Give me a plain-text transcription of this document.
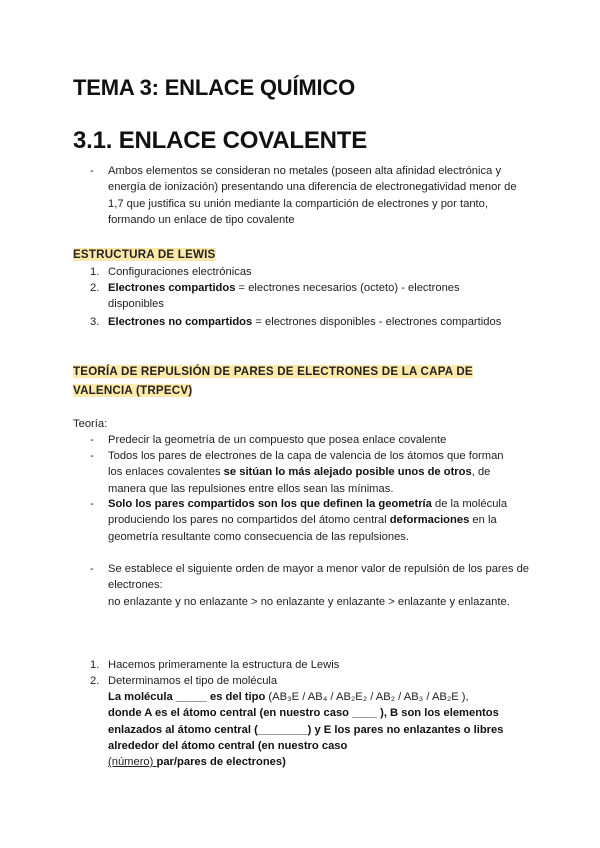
TEMA 3: ENLACE QUÍMICO
3.1. ENLACE COVALENTE
- Ambos elementos se consideran no metales (poseen alta afinidad electrónica y energía de ionización) presentando una diferencia de electronegatividad menor de 1,7 que justifica su unión mediante la compartición de electrones y por tanto, formando un enlace de tipo covalente
ESTRUCTURA DE LEWIS
1. Configuraciones electrónicas
2. Electrones compartidos = electrones necesarios (octeto) - electrones disponibles
3. Electrones no compartidos = electrones disponibles - electrones compartidos
TEORÍA DE REPULSIÓN DE PARES DE ELECTRONES DE LA CAPA DE
VALENCIA (TRPECV)
Teoría:
- Predecir la geometría de un compuesto que posea enlace covalente
- Todos los pares de electrones de la capa de valencia de los átomos que forman los enlaces covalentes se sitúan lo más alejado posible unos de otros, de manera que las repulsiones entre ellos sean las mínimas.
- Solo los pares compartidos son los que definen la geometría de la molécula produciendo los pares no compartidos del átomo central deformaciones en la geometría resultante como consecuencia de las repulsiones.
- Se establece el siguiente orden de mayor a menor valor de repulsión de los pares de electrones:
no enlazante y no enlazante > no enlazante y enlazante > enlazante y enlazante.
1. Hacemos primeramente la estructura de Lewis
2. Determinamos el tipo de molécula
La molécula _____ es del tipo (AB₃E / AB₄ / AB₂E₂ / AB₂ / AB₃ / AB₂E ),
donde A es el átomo central (en nuestro caso ____ ), B son los elementos enlazados al átomo central (________) y E los pares no enlazantes o libres alrededor del átomo central (en nuestro caso
(número) par/pares de electrones)
